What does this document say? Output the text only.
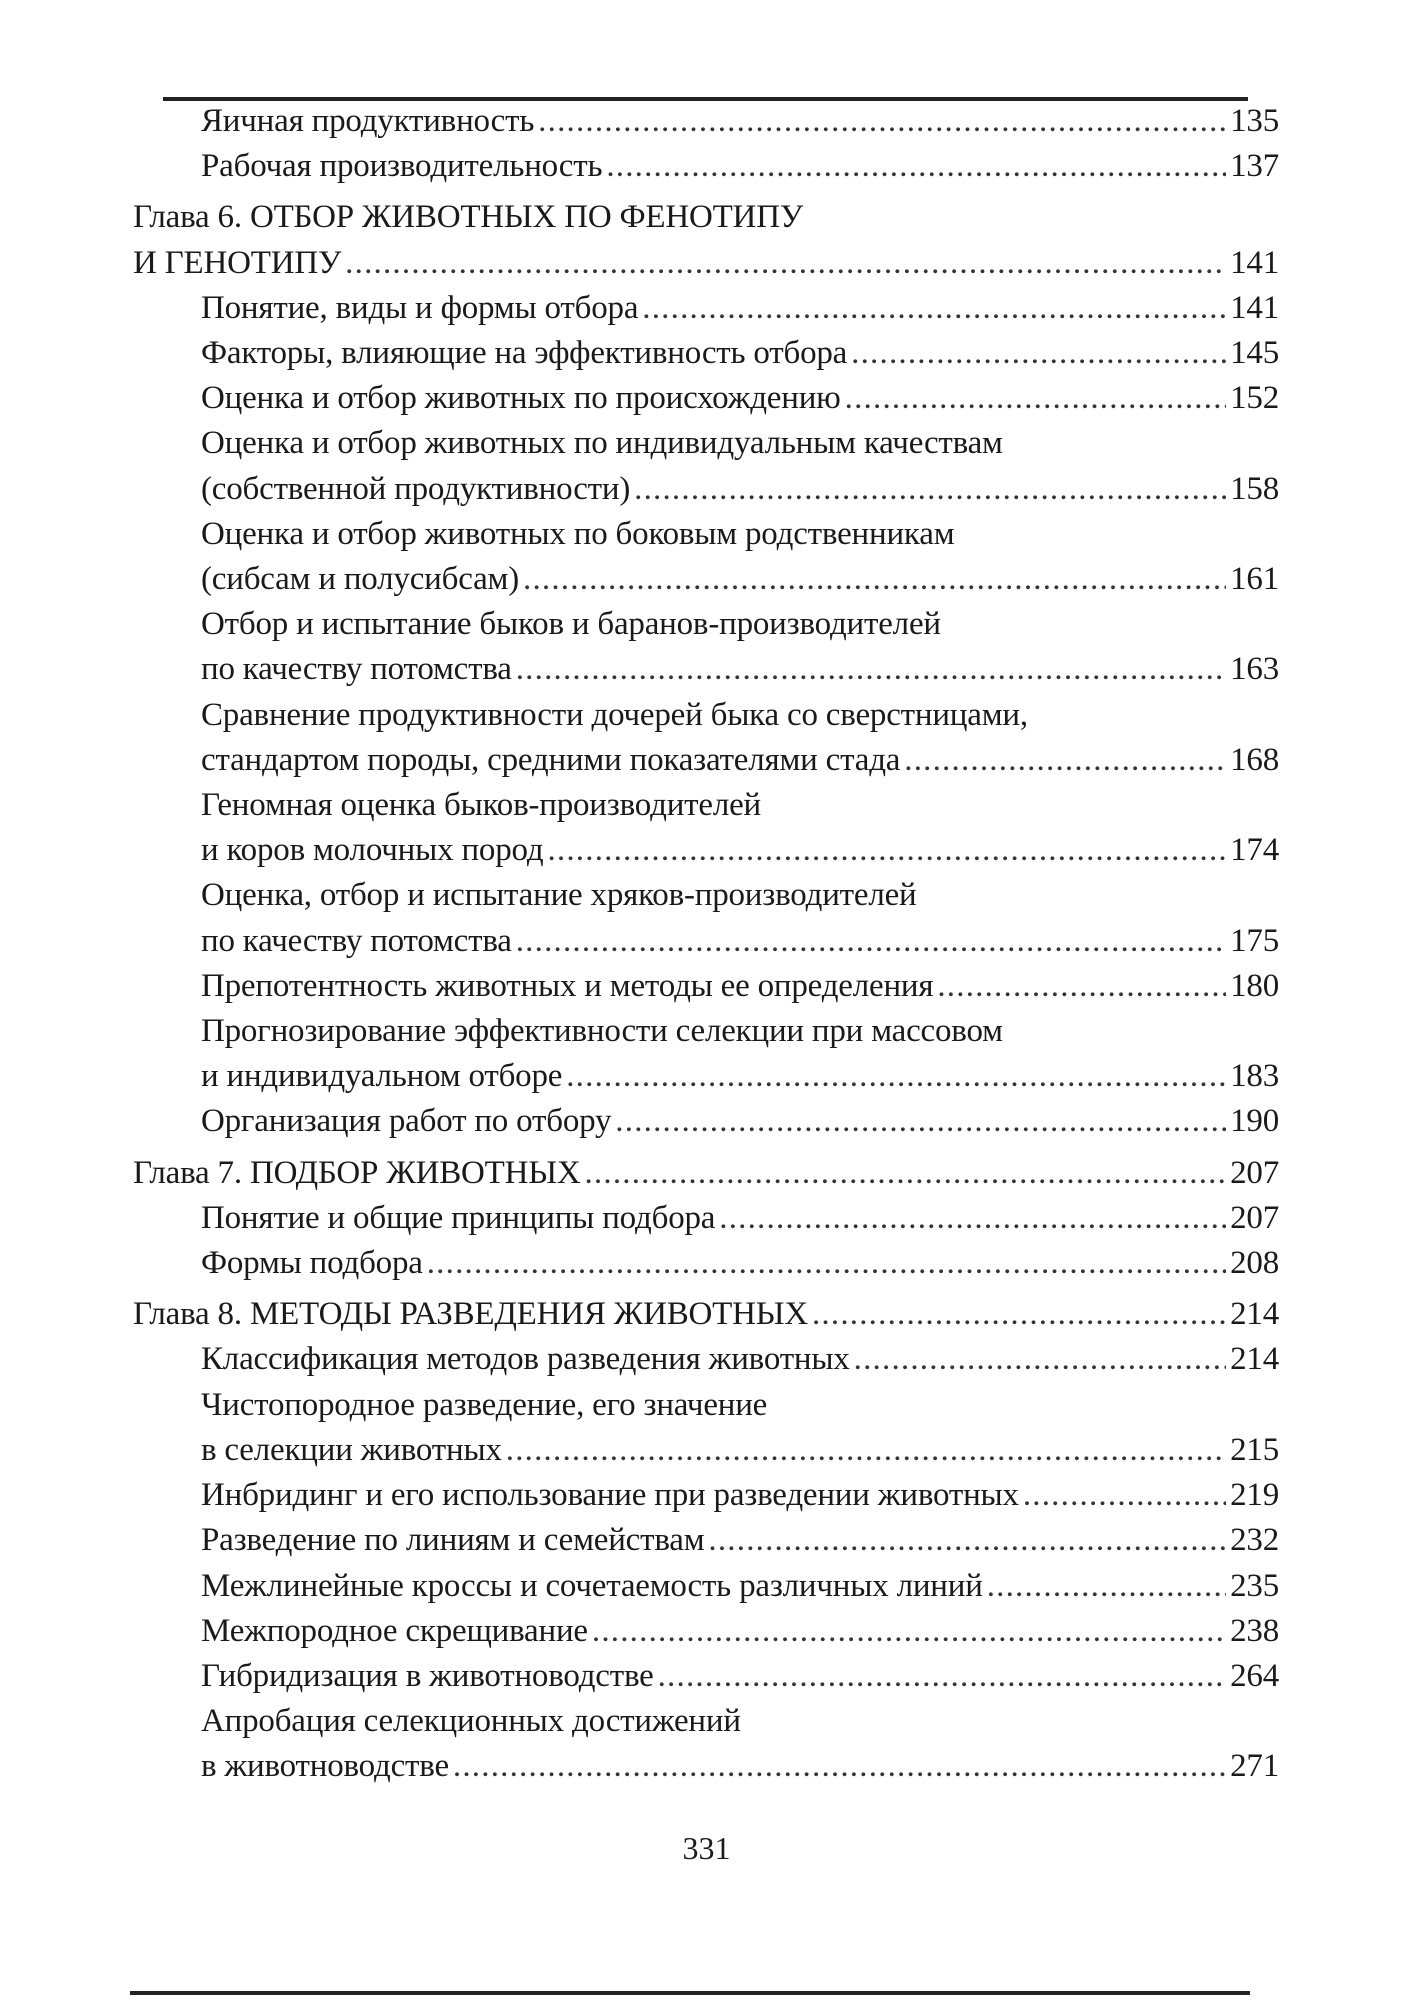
Яичная продуктивность .....	135
Рабочая производительность .....	137
Глава 6. ОТБОР ЖИВОТНЫХ ПО ФЕНОТИПУ
И ГЕНОТИПУ .....	141
Понятие, виды и формы отбора .....	141
Факторы, влияющие на эффективность отбора .....	145
Оценка и отбор животных по происхождению .....	152
Оценка и отбор животных по индивидуальным качествам
(собственной продуктивности) .....	158
Оценка и отбор животных по боковым родственникам
(сибсам и полусибсам) .....	161
Отбор и испытание быков и баранов-производителей
по качеству потомства .....	163
Сравнение продуктивности дочерей быка со сверстницами,
стандартом породы, средними показателями стада .....	168
Геномная оценка быков-производителей
и коров молочных пород .....	174
Оценка, отбор и испытание хряков-производителей
по качеству потомства .....	175
Препотентность животных и методы ее определения .....	180
Прогнозирование эффективности селекции при массовом
и индивидуальном отборе .....	183
Организация работ по отбору .....	190
Глава 7. ПОДБОР ЖИВОТНЫХ .....	207
Понятие и общие принципы подбора .....	207
Формы подбора .....	208
Глава 8. МЕТОДЫ РАЗВЕДЕНИЯ ЖИВОТНЫХ .....	214
Классификация методов разведения животных .....	214
Чистопородное разведение, его значение
в селекции животных .....	215
Инбридинг и его использование при разведении животных .....	219
Разведение по линиям и семействам .....	232
Межлинейные кроссы и сочетаемость различных линий .....	235
Межпородное скрещивание .....	238
Гибридизация в животноводстве .....	264
Апробация селекционных достижений
в животноводстве .....	271
331
